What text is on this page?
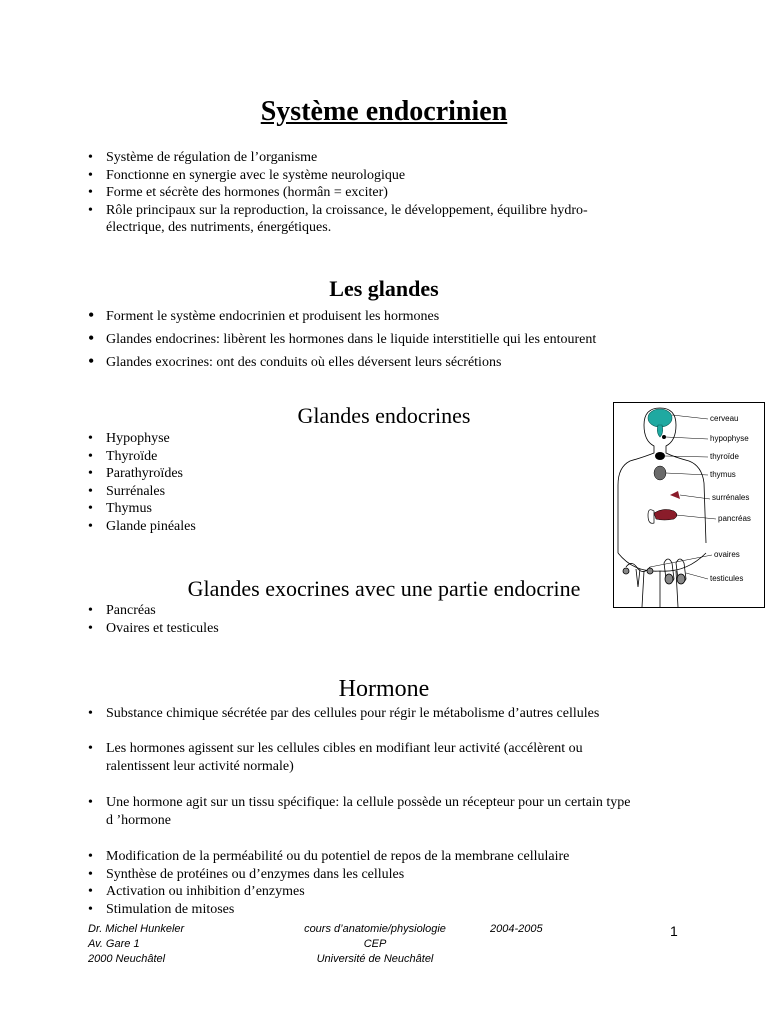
Système endocrinien
• Système de régulation de l’organisme
• Fonctionne en synergie avec le système neurologique
• Forme et sécrète des hormones (hormân = exciter)
• Rôle principaux sur la reproduction, la croissance, le développement, équilibre hydro-
électrique, des nutriments, énergétiques.
Les glandes
• Forment le système endocrinien et produisent les hormones
• Glandes endocrines: libèrent les hormones dans le liquide interstitielle qui les entourent
• Glandes exocrines: ont des conduits où elles déversent leurs sécrétions
Glandes endocrines
• Hypophyse
• Thyroïde
• Parathyroïdes
• Surrénales
• Thymus
• Glande pinéales
Glandes exocrines avec une partie endocrine
• Pancréas
• Ovaires et testicules
Hormone
• Substance chimique sécrétée par des cellules pour régir le métabolisme d’autres cellules
• Les hormones agissent sur les cellules cibles en modifiant leur activité (accélèrent ou
ralentissent leur activité normale)
• Une hormone agit sur un tissu spécifique: la cellule possède un récepteur pour un certain type
d ’hormone
• Modification de la perméabilité ou du potentiel de repos de la membrane cellulaire
• Synthèse de protéines ou d’enzymes dans les cellules
• Activation ou inhibition d’enzymes
• Stimulation de mitoses
cerveau
hypophyse
thyroïde
thymus
surrénales
pancréas
ovaires
testicules
Dr. Michel Hunkeler
Av. Gare 1
2000 Neuchâtel
cours d’anatomie/physiologie
CEP
Université de Neuchâtel
2004-2005	1
